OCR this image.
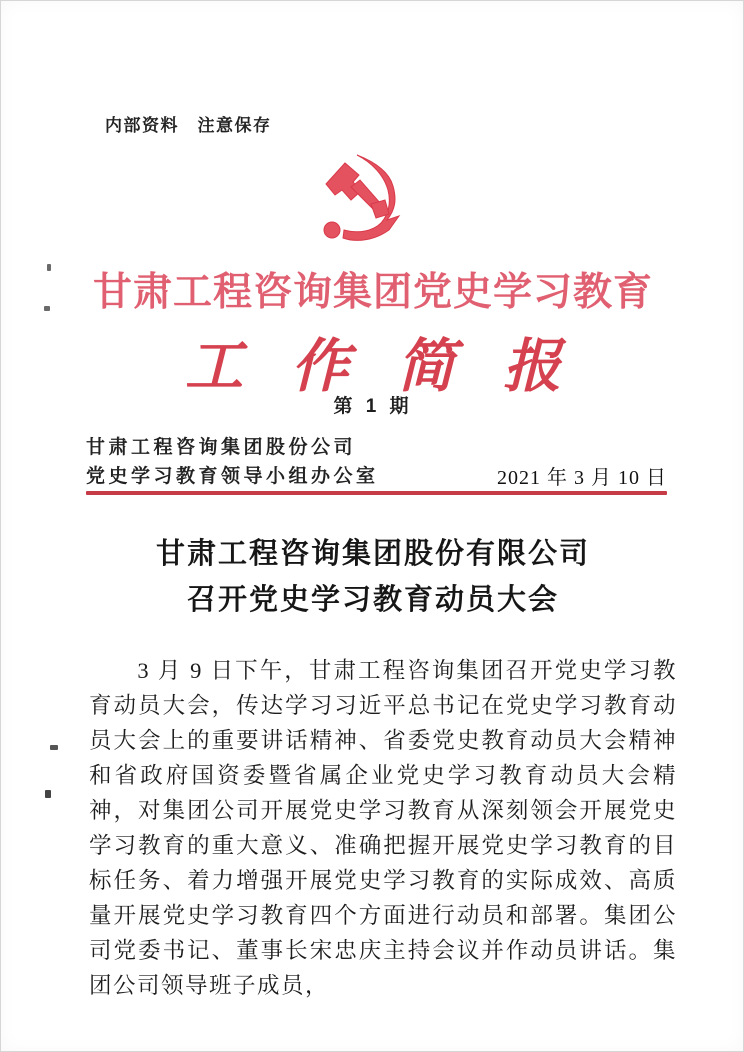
内部资料　注意保存
甘肃工程咨询集团党史学习教育
工作简报
第 1 期
甘肃工程咨询集团股份公司
党史学习教育领导小组办公室	2021 年 3 月 10 日
甘肃工程咨询集团股份有限公司
召开党史学习教育动员大会
3 月 9 日下午，甘肃工程咨询集团召开党史学习教育动员大会，传达学习习近平总书记在党史学习教育动员大会上的重要讲话精神、省委党史教育动员大会精神和省政府国资委暨省属企业党史学习教育动员大会精神，对集团公司开展党史学习教育从深刻领会开展党史学习教育的重大意义、准确把握开展党史学习教育的目标任务、着力增强开展党史学习教育的实际成效、高质量开展党史学习教育四个方面进行动员和部署。集团公司党委书记、董事长宋忠庆主持会议并作动员讲话。集团公司领导班子成员，
